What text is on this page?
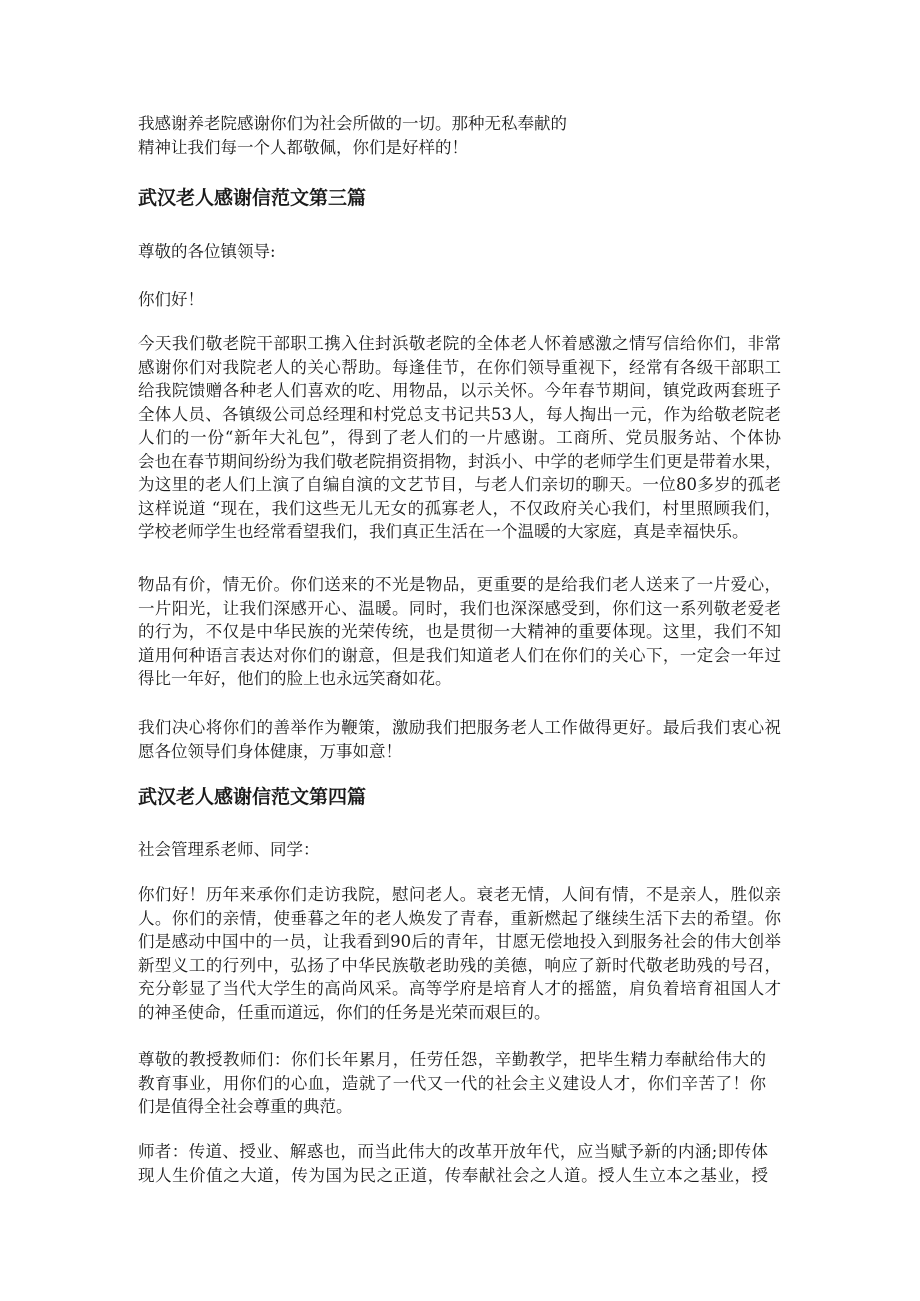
我感谢养老院感谢你们为社会所做的一切。那种无私奉献的
精神让我们每一个人都敬佩，你们是好样的！
武汉老人感谢信范文第三篇
尊敬的各位镇领导:
你们好！
今天我们敬老院干部职工携入住封浜敬老院的全体老人怀着感激之情写信给你们，非常
感谢你们对我院老人的关心帮助。每逢佳节，在你们领导重视下，经常有各级干部职工
给我院馈赠各种老人们喜欢的吃、用物品，以示关怀。今年春节期间，镇党政两套班子
全体人员、各镇级公司总经理和村党总支书记共53人，每人掏出一元，作为给敬老院老
人们的一份“新年大礼包”，得到了老人们的一片感谢。工商所、党员服务站、个体协
会也在春节期间纷纷为我们敬老院捐资捐物，封浜小、中学的老师学生们更是带着水果，
为这里的老人们上演了自编自演的文艺节目，与老人们亲切的聊天。一位80多岁的孤老
这样说道 “现在，我们这些无儿无女的孤寡老人，不仅政府关心我们，村里照顾我们，
学校老师学生也经常看望我们，我们真正生活在一个温暖的大家庭，真是幸福快乐。
物品有价，情无价。你们送来的不光是物品，更重要的是给我们老人送来了一片爱心，
一片阳光，让我们深感开心、温暖。同时，我们也深深感受到，你们这一系列敬老爱老
的行为，不仅是中华民族的光荣传统，也是贯彻一大精神的重要体现。这里，我们不知
道用何种语言表达对你们的谢意，但是我们知道老人们在你们的关心下，一定会一年过
得比一年好，他们的脸上也永远笑裔如花。
我们决心将你们的善举作为鞭策，激励我们把服务老人工作做得更好。最后我们衷心祝
愿各位领导们身体健康，万事如意！
武汉老人感谢信范文第四篇
社会管理系老师、同学：
你们好！历年来承你们走访我院，慰问老人。衰老无情，人间有情，不是亲人，胜似亲
人。你们的亲情，使垂暮之年的老人焕发了青春，重新燃起了继续生活下去的希望。你
们是感动中国中的一员，让我看到90后的青年，甘愿无偿地投入到服务社会的伟大创举
新型义工的行列中，弘扬了中华民族敬老助残的美德，响应了新时代敬老助残的号召，
充分彰显了当代大学生的高尚风采。高等学府是培育人才的摇篮，肩负着培育祖国人才
的神圣使命，任重而道远，你们的任务是光荣而艰巨的。
尊敬的教授教师们：你们长年累月，任劳任怨，辛勤教学，把毕生精力奉献给伟大的
教育事业，用你们的心血，造就了一代又一代的社会主义建设人才，你们辛苦了！你
们是值得全社会尊重的典范。
师者：传道、授业、解惑也，而当此伟大的改革开放年代，应当赋予新的内涵;即传体
现人生价值之大道，传为国为民之正道，传奉献社会之人道。授人生立本之基业，授
